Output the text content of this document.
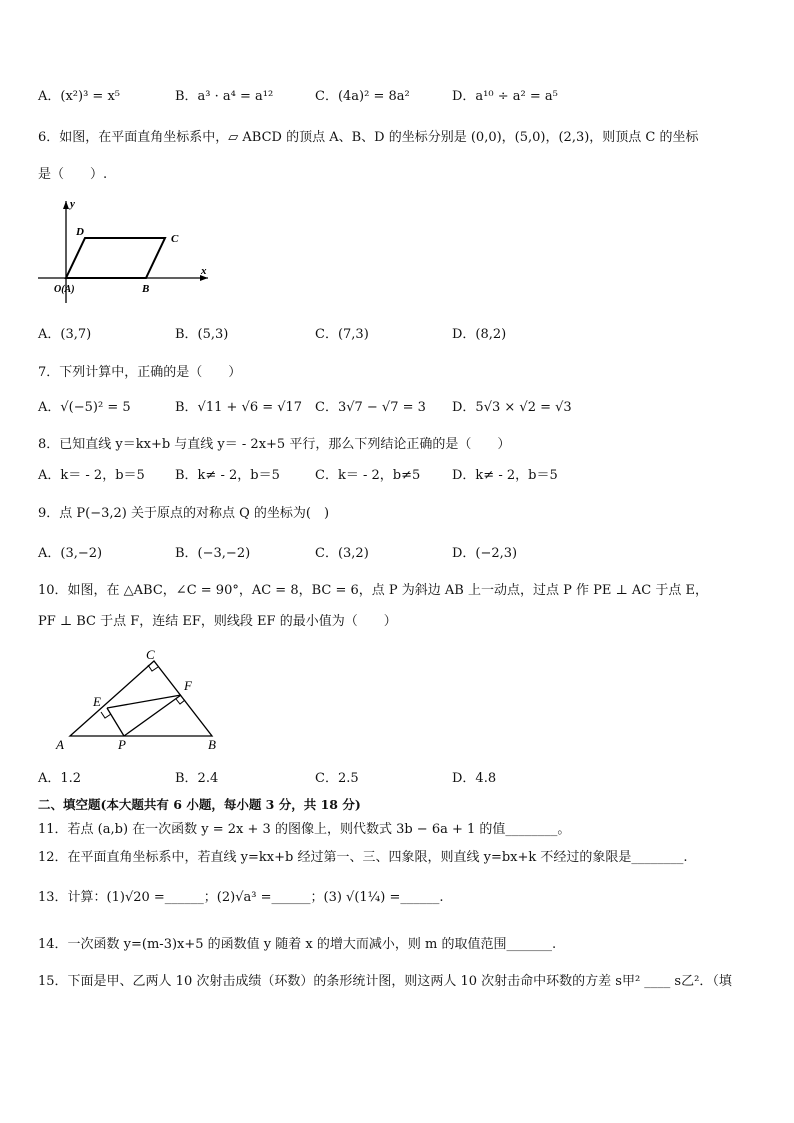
A．(x²)³ = x⁵	B．a³ · a⁴ = a¹²	C．(4a)² = 8a²	D．a¹⁰ ÷ a² = a⁵
6．如图，在平面直角坐标系中，▱ ABCD 的顶点 A、B、D 的坐标分别是 (0,0)，(5,0)，(2,3)，则顶点 C 的坐标
是（　　）.
x
y
D
C
B
O(A)
A．(3,7)	B．(5,3)	C．(7,3)	D．(8,2)
7．下列计算中，正确的是（　　）
A．√(−5)² = 5	B．√11 + √6 = √17 C．3√7 − √7 = 3 D．5√3 × √2 = √3
8．已知直线 y＝kx+b 与直线 y＝ - 2x+5 平行，那么下列结论正确的是（　　）
A．k＝ - 2，b＝5 B．k≠ - 2，b＝5	C．k＝ - 2，b≠5 D．k≠ - 2，b＝5
9．点 P(−3,2) 关于原点的对称点 Q 的坐标为(　)
A．(3,−2)	B．(−3,−2)	C．(3,2)	D．(−2,3)
10．如图，在 △ABC，∠C = 90°，AC = 8，BC = 6，点 P 为斜边 AB 上一动点，过点 P 作 PE ⊥ AC 于点 E，
PF ⊥ BC 于点 F，连结 EF，则线段 EF 的最小值为（　　）
A	B
C
E
F
P
A．1.2	B．2.4	C．2.5	D．4.8
二、填空题(本大题共有 6 小题，每小题 3 分，共 18 分)
11．若点 (a,b) 在一次函数 y = 2x + 3 的图像上，则代数式 3b − 6a + 1 的值________。
12．在平面直角坐标系中，若直线 y=kx+b 经过第一、三、四象限，则直线 y=bx+k 不经过的象限是________.
13．计算：(1)√20 =______；(2)√a³ =______；(3) √(1¼) =______.
14．一次函数 y=(m-3)x+5 的函数值 y 随着 x 的增大而减小，则 m 的取值范围_______.
15．下面是甲、乙两人 10 次射击成绩（环数）的条形统计图，则这两人 10 次射击命中环数的方差 s甲² ____ s乙²．（填
